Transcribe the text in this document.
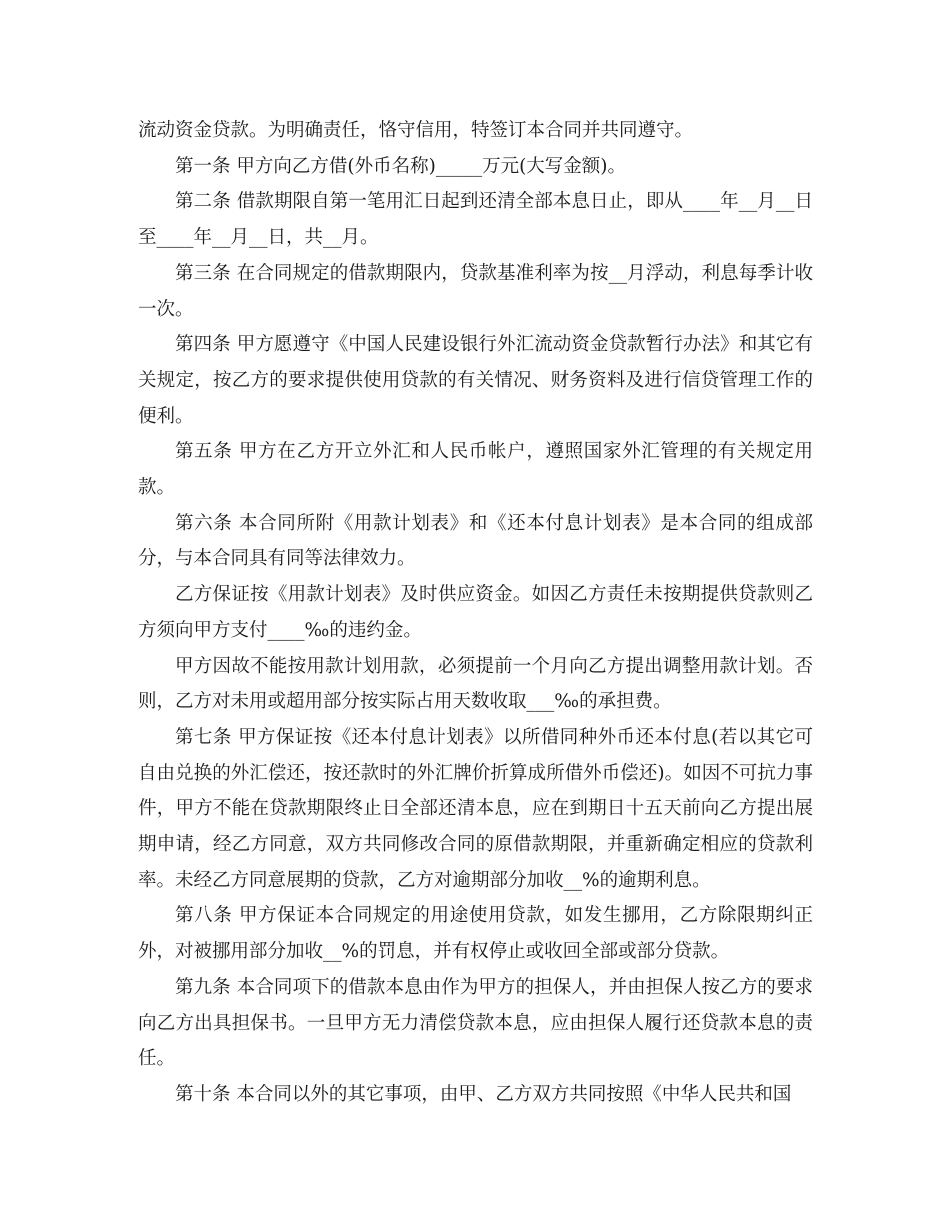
流动资金贷款。为明确责任，恪守信用，特签订本合同并共同遵守。

第一条 甲方向乙方借(外币名称)_____万元(大写金额)。

第二条 借款期限自第一笔用汇日起到还清全部本息日止，即从____年__月__日至____年__月__日，共__月。

第三条 在合同规定的借款期限内，贷款基准利率为按__月浮动，利息每季计收一次。

第四条 甲方愿遵守《中国人民建设银行外汇流动资金贷款暂行办法》和其它有关规定，按乙方的要求提供使用贷款的有关情况、财务资料及进行信贷管理工作的便利。

第五条 甲方在乙方开立外汇和人民币帐户，遵照国家外汇管理的有关规定用款。

第六条 本合同所附《用款计划表》和《还本付息计划表》是本合同的组成部分，与本合同具有同等法律效力。

乙方保证按《用款计划表》及时供应资金。如因乙方责任未按期提供贷款则乙方须向甲方支付____‰的违约金。

甲方因故不能按用款计划用款，必须提前一个月向乙方提出调整用款计划。否则，乙方对未用或超用部分按实际占用天数收取___‰的承担费。

第七条 甲方保证按《还本付息计划表》以所借同种外币还本付息(若以其它可自由兑换的外汇偿还，按还款时的外汇牌价折算成所借外币偿还)。如因不可抗力事件，甲方不能在贷款期限终止日全部还清本息，应在到期日十五天前向乙方提出展期申请，经乙方同意，双方共同修改合同的原借款期限，并重新确定相应的贷款利率。未经乙方同意展期的贷款，乙方对逾期部分加收__%的逾期利息。

第八条 甲方保证本合同规定的用途使用贷款，如发生挪用，乙方除限期纠正外，对被挪用部分加收__%的罚息，并有权停止或收回全部或部分贷款。

第九条 本合同项下的借款本息由作为甲方的担保人，并由担保人按乙方的要求向乙方出具担保书。一旦甲方无力清偿贷款本息，应由担保人履行还贷款本息的责任。

第十条 本合同以外的其它事项，由甲、乙方双方共同按照《中华人民共和国
